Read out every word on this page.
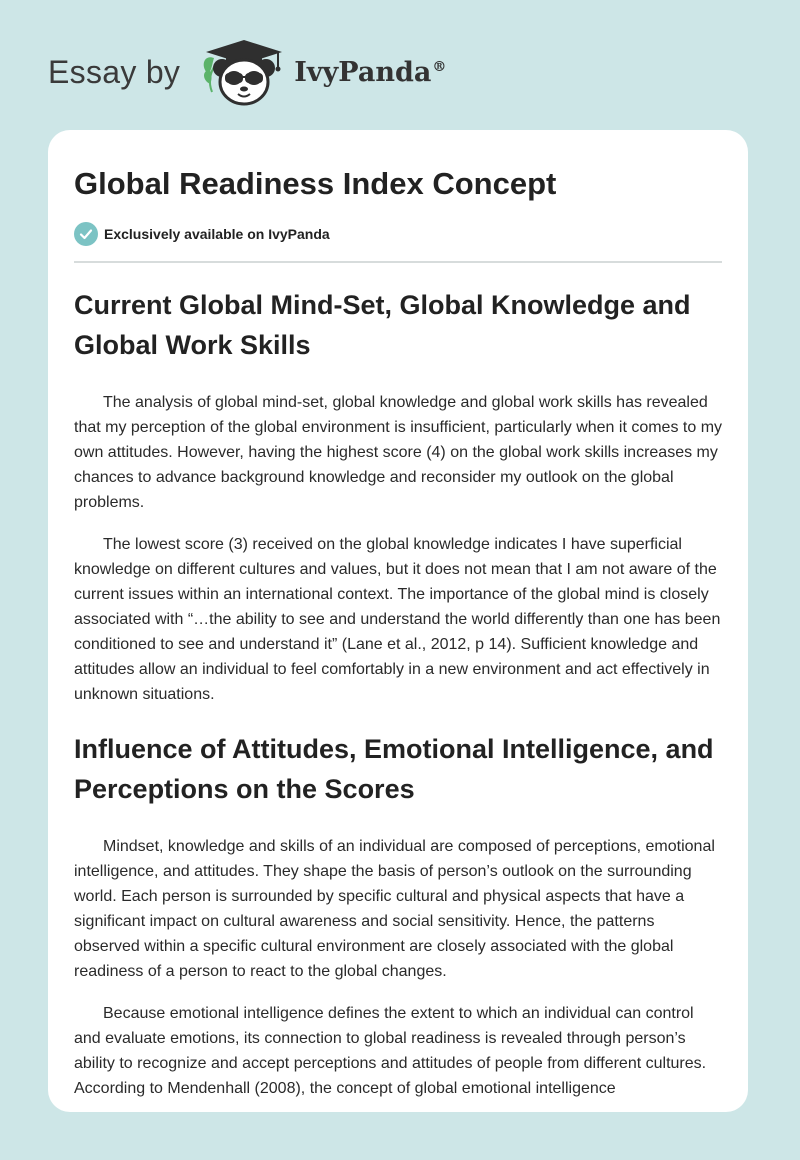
Essay by	IvyPanda®
Global Readiness Index Concept
Exclusively available on IvyPanda
Current Global Mind-Set, Global Knowledge and Global Work Skills

The analysis of global mind-set, global knowledge and global work skills has revealed that my perception of the global environment is insufficient, particularly when it comes to my own attitudes. However, having the highest score (4) on the global work skills increases my chances to advance background knowledge and reconsider my outlook on the global problems.

The lowest score (3) received on the global knowledge indicates I have superficial knowledge on different cultures and values, but it does not mean that I am not aware of the current issues within an international context. The importance of the global mind is closely associated with “…the ability to see and understand the world differently than one has been conditioned to see and understand it” (Lane et al., 2012, p 14). Sufficient knowledge and attitudes allow an individual to feel comfortably in a new environment and act effectively in unknown situations.

Influence of Attitudes, Emotional Intelligence, and Perceptions on the Scores

Mindset, knowledge and skills of an individual are composed of perceptions, emotional intelligence, and attitudes. They shape the basis of person’s outlook on the surrounding world. Each person is surrounded by specific cultural and physical aspects that have a significant impact on cultural awareness and social sensitivity. Hence, the patterns observed within a specific cultural environment are closely associated with the global readiness of a person to react to the global changes.

Because emotional intelligence defines the extent to which an individual can control and evaluate emotions, its connection to global readiness is revealed through person’s ability to recognize and accept perceptions and attitudes of people from different cultures. According to Mendenhall (2008), the concept of global emotional intelligence
